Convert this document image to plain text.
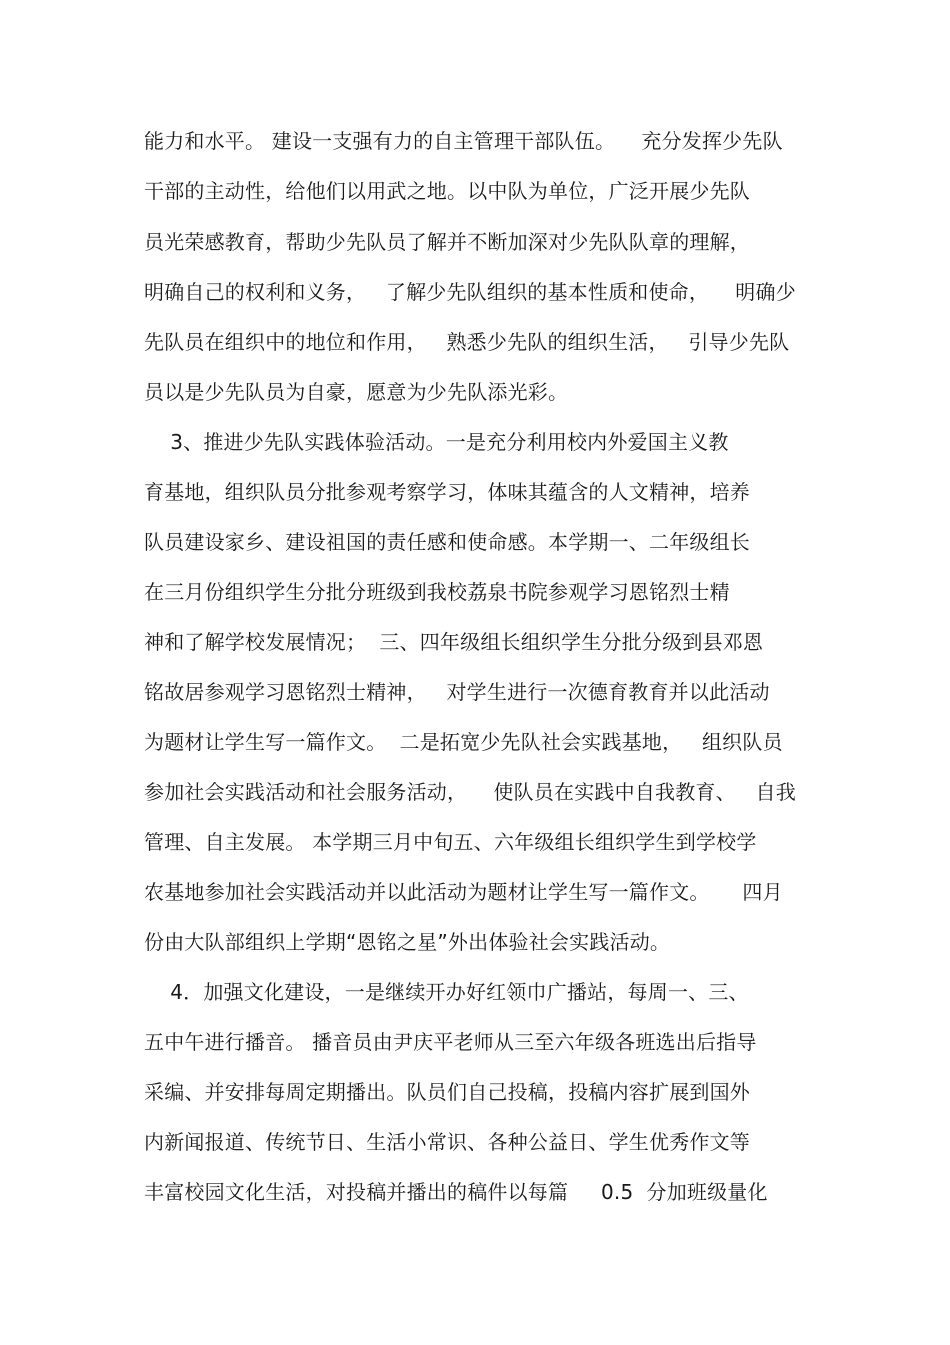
能力和水平。 建设一支强有力的自主管理干部队伍。    充分发挥少先队
干部的主动性，给他们以用武之地。以中队为单位，广泛开展少先队
员光荣感教育，帮助少先队员了解并不断加深对少先队队章的理解，
明确自己的权利和义务，   了解少先队组织的基本性质和使命，    明确少
先队员在组织中的地位和作用，   熟悉少先队的组织生活，   引导少先队
员以是少先队员为自豪，愿意为少先队添光彩。
3、推进少先队实践体验活动。一是充分利用校内外爱国主义教
育基地，组织队员分批参观考察学习，体味其蕴含的人文精神，培养
队员建设家乡、建设祖国的责任感和使命感。本学期一、二年级组长
在三月份组织学生分批分班级到我校荔泉书院参观学习恩铭烈士精
神和了解学校发展情况；  三、四年级组长组织学生分批分级到县邓恩
铭故居参观学习恩铭烈士精神，   对学生进行一次德育教育并以此活动
为题材让学生写一篇作文。  二是拓宽少先队社会实践基地，   组织队员
参加社会实践活动和社会服务活动，    使队员在实践中自我教育、   自我
管理、自主发展。 本学期三月中旬五、六年级组长组织学生到学校学
农基地参加社会实践活动并以此活动为题材让学生写一篇作文。     四月
份由大队部组织上学期“恩铭之星”外出体验社会实践活动。
4．加强文化建设，一是继续开办好红领巾广播站，每周一、三、
五中午进行播音。 播音员由尹庆平老师从三至六年级各班选出后指导
采编、并安排每周定期播出。队员们自己投稿，投稿内容扩展到国外
内新闻报道、传统节日、生活小常识、各种公益日、学生优秀作文等
丰富校园文化生活，对投稿并播出的稿件以每篇     0.5  分加班级量化
